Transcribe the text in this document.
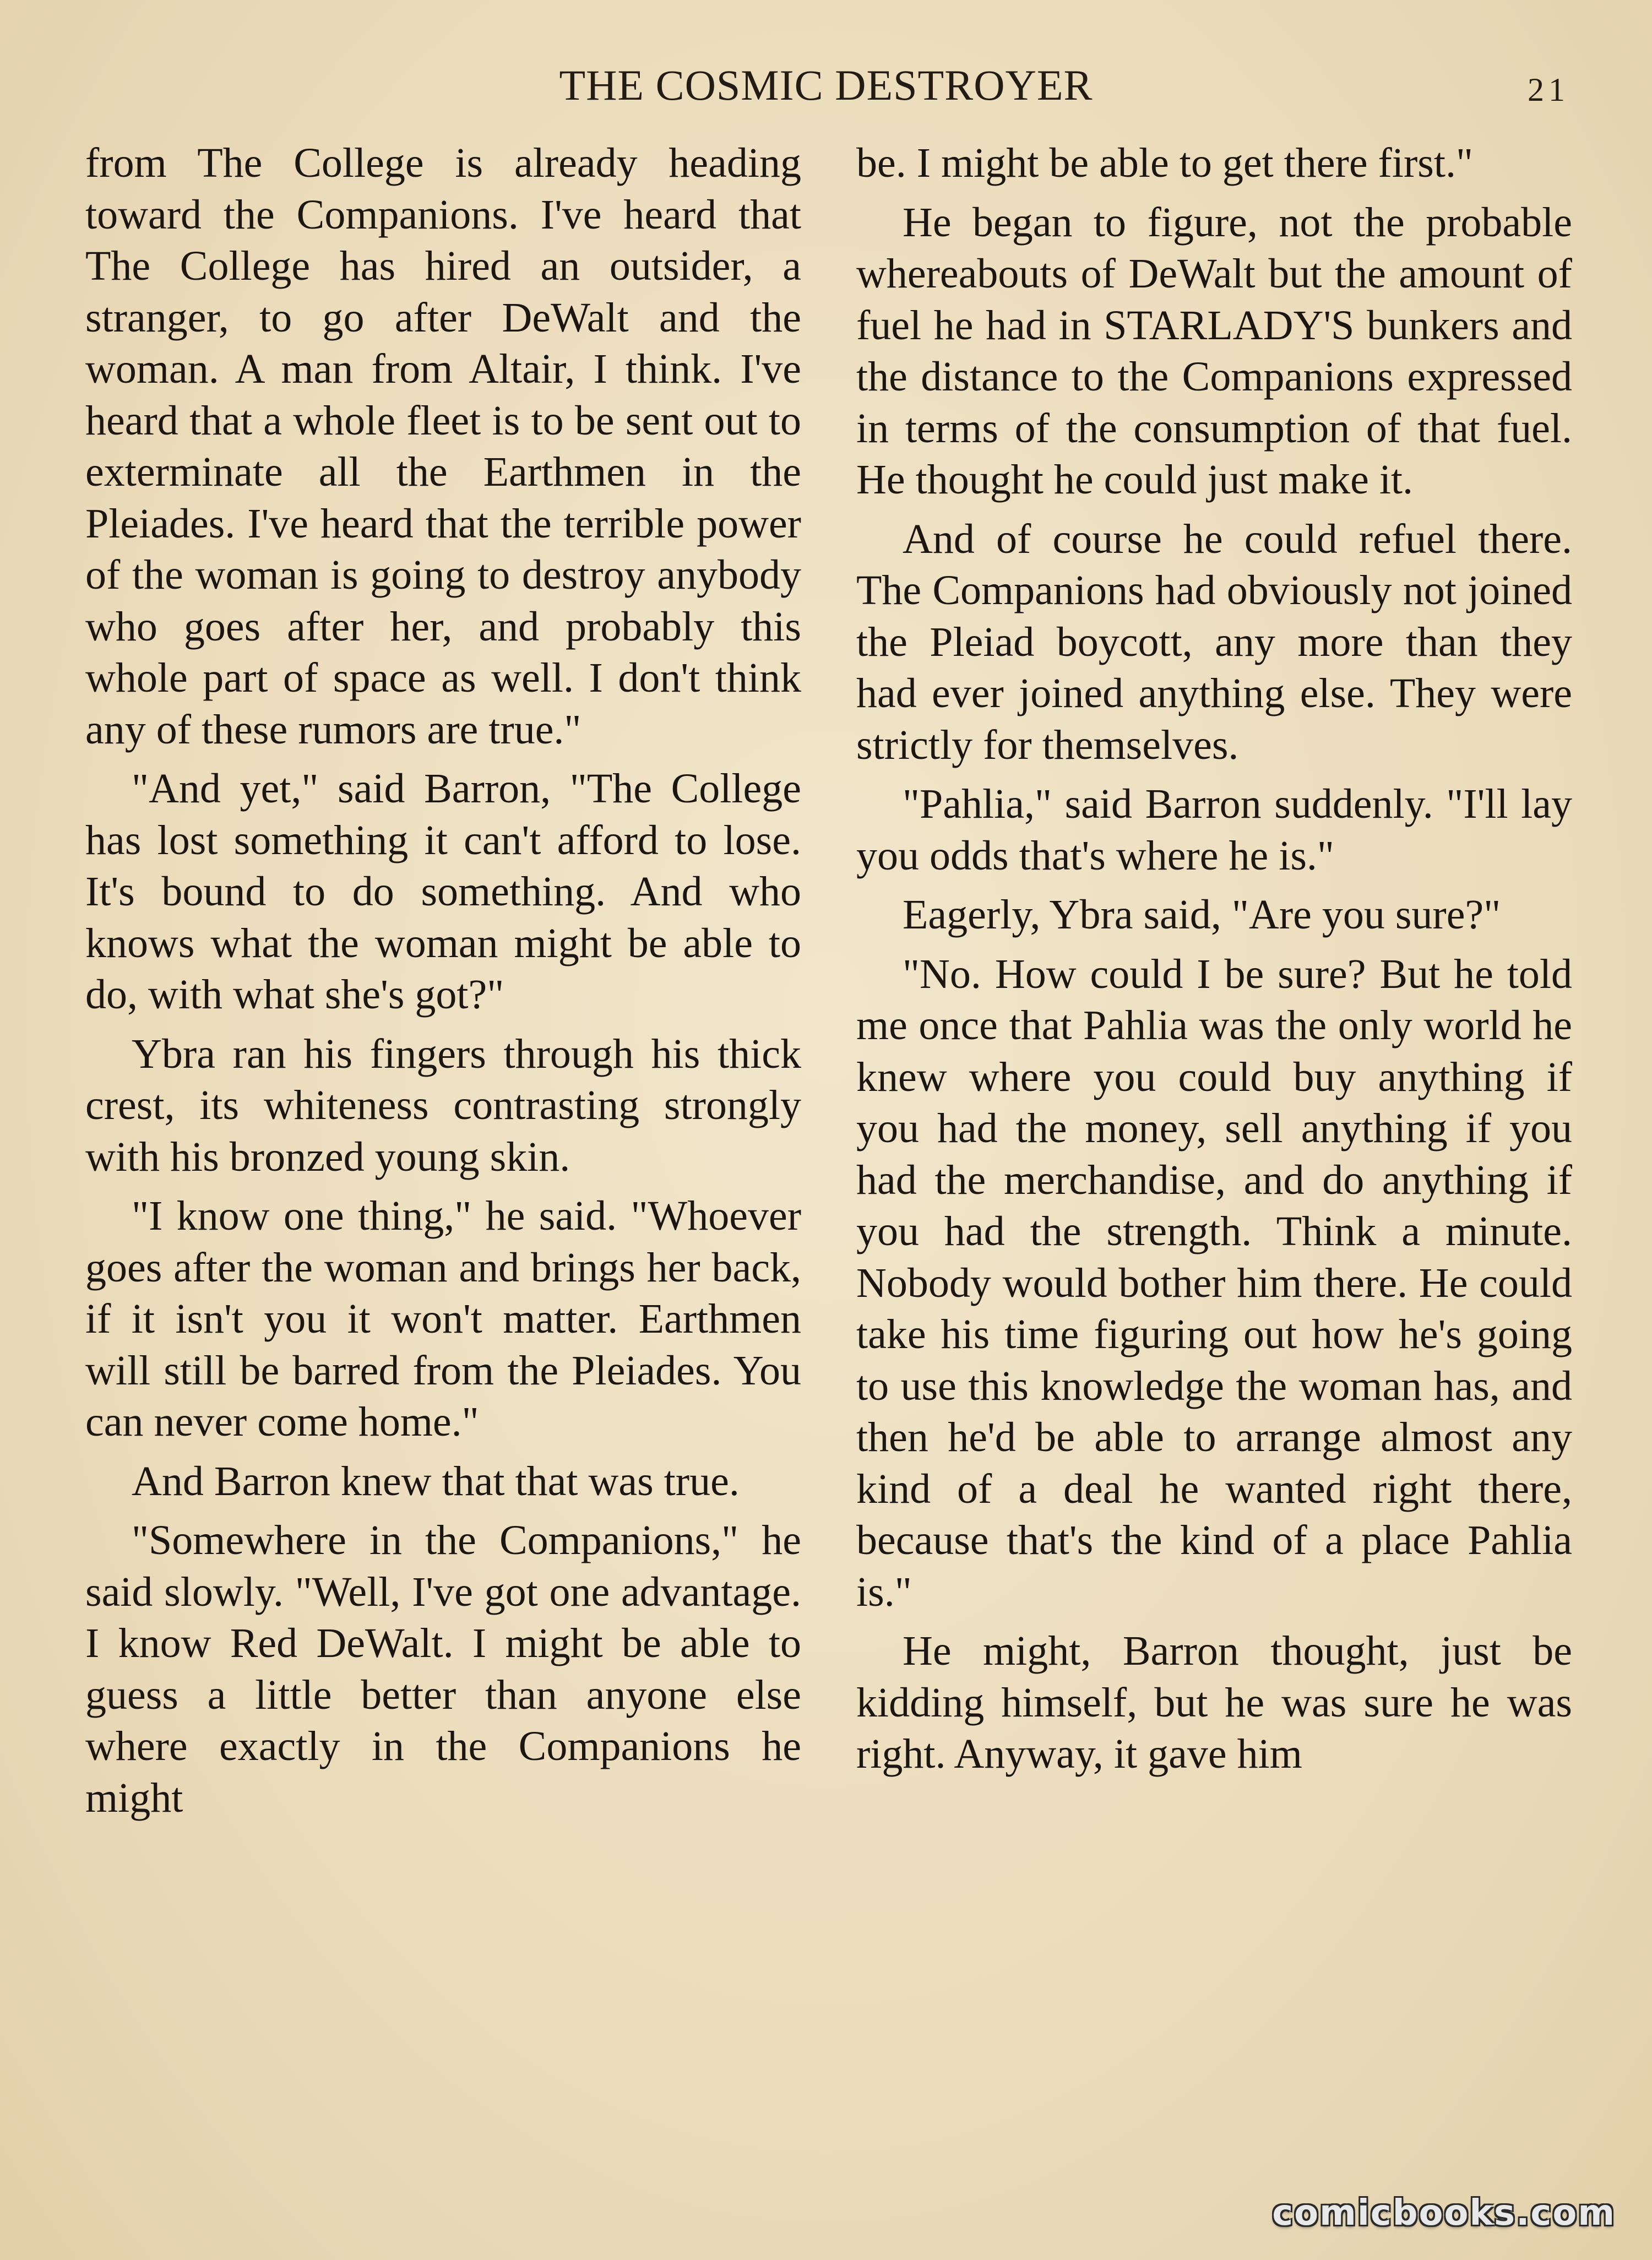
THE COSMIC DESTROYER	21

from The College is already heading toward the Companions. I've heard that The College has hired an outsider, a stranger, to go after DeWalt and the woman. A man from Altair, I think. I've heard that a whole fleet is to be sent out to exterminate all the Earthmen in the Pleiades. I've heard that the terrible power of the woman is going to destroy anybody who goes after her, and probably this whole part of space as well. I don't think any of these rumors are true."

"And yet," said Barron, "The College has lost something it can't afford to lose. It's bound to do something. And who knows what the woman might be able to do, with what she's got?"

Ybra ran his fingers through his thick crest, its whiteness contrasting strongly with his bronzed young skin.

"I know one thing," he said. "Whoever goes after the woman and brings her back, if it isn't you it won't matter. Earthmen will still be barred from the Pleiades. You can never come home."

And Barron knew that that was true.

"Somewhere in the Companions," he said slowly. "Well, I've got one advantage. I know Red DeWalt. I might be able to guess a little better than anyone else where exactly in the Companions he might

be. I might be able to get there first."

He began to figure, not the probable whereabouts of DeWalt but the amount of fuel he had in STARLADY'S bunkers and the distance to the Companions expressed in terms of the consumption of that fuel. He thought he could just make it.

And of course he could refuel there. The Companions had obviously not joined the Pleiad boycott, any more than they had ever joined anything else. They were strictly for themselves.

"Pahlia," said Barron suddenly. "I'll lay you odds that's where he is."

Eagerly, Ybra said, "Are you sure?"

"No. How could I be sure? But he told me once that Pahlia was the only world he knew where you could buy anything if you had the money, sell anything if you had the merchandise, and do anything if you had the strength. Think a minute. Nobody would bother him there. He could take his time figuring out how he's going to use this knowledge the woman has, and then he'd be able to arrange almost any kind of a deal he wanted right there, because that's the kind of a place Pahlia is."

He might, Barron thought, just be kidding himself, but he was sure he was right. Anyway, it gave him

comicbooks.com
